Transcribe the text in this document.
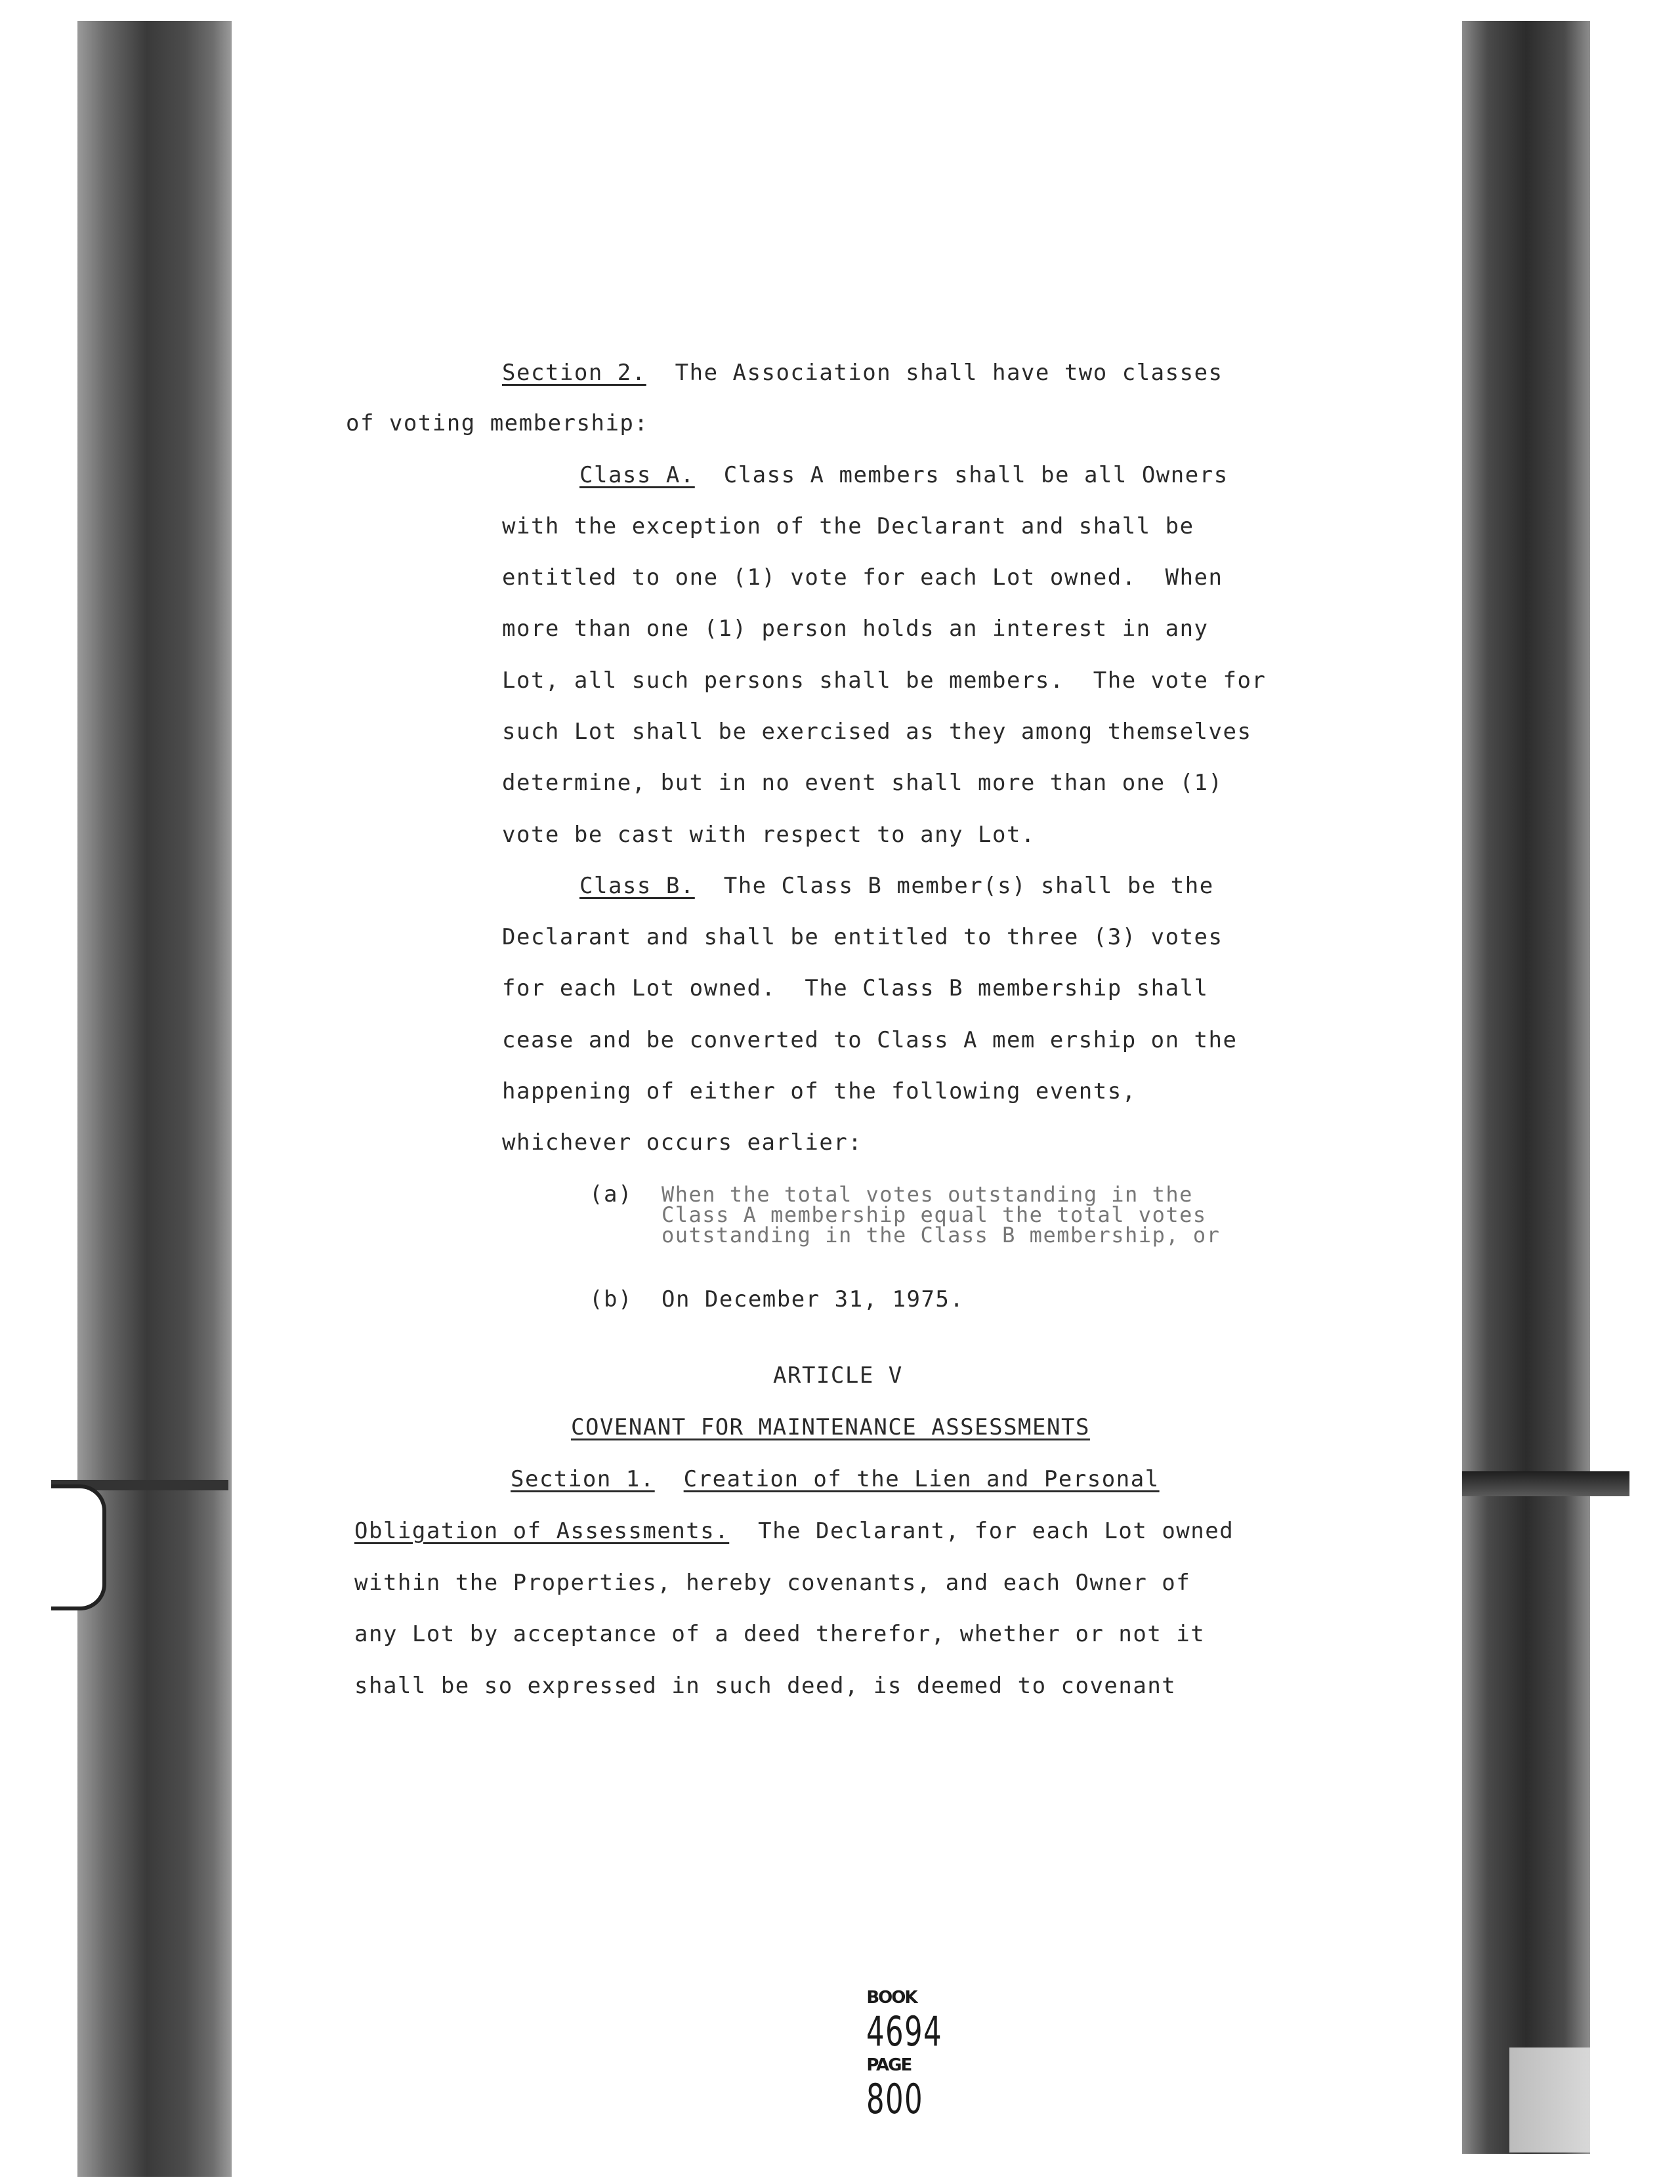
Section 2. The Association shall have two classes

of voting membership:

Class A. Class A members shall be all Owners

with the exception of the Declarant and shall be

entitled to one (1) vote for each Lot owned.  When

more than one (1) person holds an interest in any

Lot, all such persons shall be members.  The vote for

such Lot shall be exercised as they among themselves

determine, but in no event shall more than one (1)

vote be cast with respect to any Lot.

Class B. The Class B member(s) shall be the

Declarant and shall be entitled to three (3) votes

for each Lot owned.  The Class B membership shall

cease and be converted to Class A mem ership on the

happening of either of the following events,

whichever occurs earlier:

(a) When the total votes outstanding in the

Class A membership equal the total votes

outstanding in the Class B membership, or

(b) On December 31, 1975.

ARTICLE V

COVENANT FOR MAINTENANCE ASSESSMENTS

Section 1. Creation of the Lien and Personal

Obligation of Assessments. The Declarant, for each Lot owned

within the Properties, hereby covenants, and each Owner of

any Lot by acceptance of a deed therefor, whether or not it

shall be so expressed in such deed, is deemed to covenant

BOOK
4694
PAGE
800
